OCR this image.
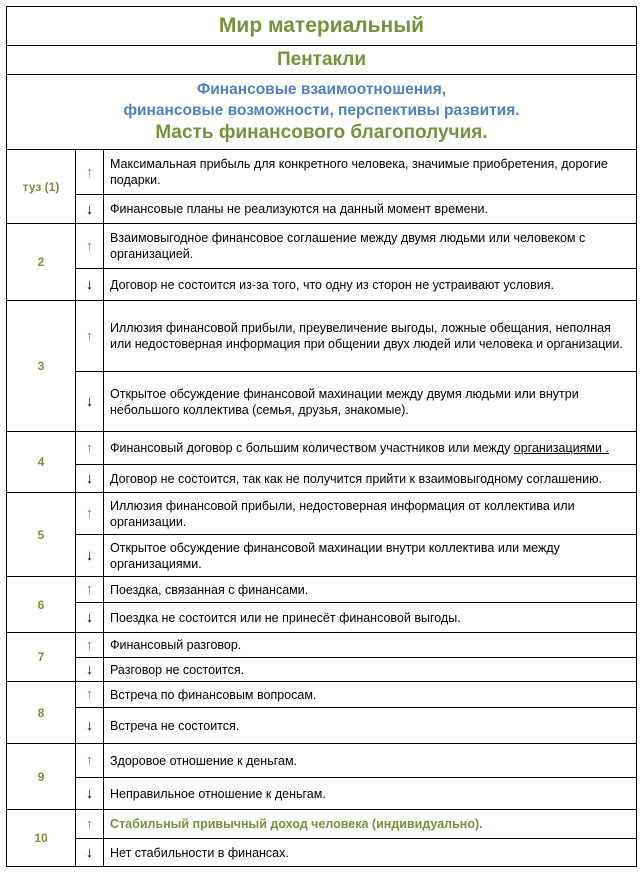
Мир материальный		
Пентакли		

Финансовые взаимоотношения,
финансовые возможности, перспективы развития.
Масть финансового благополучия.		

туз (1)	↑	Максимальная прибыль для конкретного человека, значимые приобретения, дорогие подарки.
	↓	Финансовые планы не реализуются на данный момент времени.
2	↑	Взаимовыгодное финансовое соглашение между двумя людьми или человеком с организацией.
	↓	Договор не состоится из-за того, что одну из сторон не устраивают условия.
3	↑	Иллюзия финансовой прибыли, преувеличение выгоды, ложные обещания, неполная или недостоверная информация при общении двух людей или человека и организации.
	↓	Открытое обсуждение финансовой махинации между двумя людьми или внутри небольшого коллектива (семья, друзья, знакомые).
4	↑	Финансовый договор с большим количеством участников или между организациями .
	↓	Договор не состоится, так как не получится прийти к взаимовыгодному соглашению.
5	↑	Иллюзия финансовой прибыли, недостоверная информация от коллектива или организации.
	↓	Открытое обсуждение финансовой махинации внутри коллектива или между организациями.
6	↑	Поездка, связанная с финансами.
	↓	Поездка не состоится или не принесёт финансовой выгоды.
7	↑	Финансовый разговор.
	↓	Разговор не состоится.
8	↑	Встреча по финансовым вопросам.
	↓	Встреча не состоится.
9	↑	Здоровое отношение к деньгам.
	↓	Неправильное отношение к деньгам.
10	↑	Стабильный привычный доход человека (индивидуально).
	↓	Нет стабильности в финансах.
